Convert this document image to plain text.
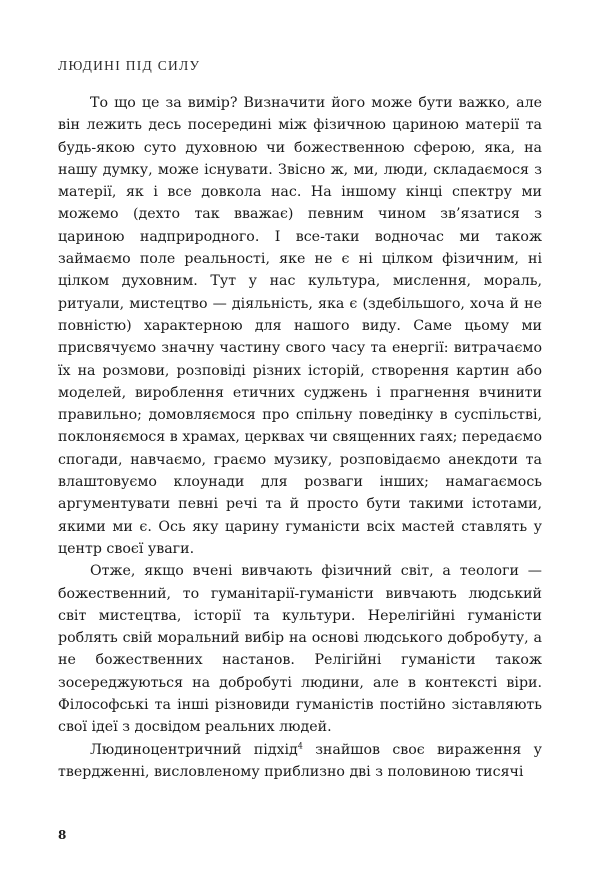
ЛЮДИНІ ПІД СИЛУ

То що це за вимір? Визначити його може бути важко, але він лежить десь посередині між фізичною цариною матерії та будь-якою суто духовною чи божественною сферою, яка, на нашу думку, може існувати. Звісно ж, ми, люди, складаємося з матерії, як і все довкола нас. На іншому кінці спектру ми можемо (дехто так вважає) певним чином зв’язатися з цариною надприродного. І все-таки водночас ми також займаємо поле реальності, яке не є ні цілком фізичним, ні цілком духовним. Тут у нас культура, мислення, мораль, ритуали, мистецтво — діяльність, яка є (здебільшого, хоча й не повністю) характерною для нашого виду. Саме цьому ми присвячуємо значну частину свого часу та енергії: витрачаємо їх на розмови, розповіді різних історій, створення картин або моделей, вироблення етичних суджень і прагнення вчинити правильно; домовляємося про спільну поведінку в суспільстві, поклоняємося в храмах, церквах чи священних гаях; передаємо спогади, навчаємо, граємо музику, розповідаємо анекдоти та влаштовуємо клоунади для розваги інших; намагаємось аргументувати певні речі та й просто бути такими істотами, якими ми є. Ось яку царину гуманісти всіх мастей ставлять у центр своєї уваги.

Отже, якщо вчені вивчають фізичний світ, а теологи — божественний, то гуманітарії-гуманісти вивчають людський світ мистецтва, історії та культури. Нерелігійні гуманісти роблять свій моральний вибір на основі людського добробуту, а не божественних настанов. Релігійні гуманісти також зосереджуються на добробуті людини, але в контексті віри. Філософські та інші різновиди гуманістів постійно зіставляють свої ідеї з досвідом реальних людей.

Людиноцентричний підхід$^4$ знайшов своє вираження у твердженні, висловленому приблизно дві з половиною тисячі

8
